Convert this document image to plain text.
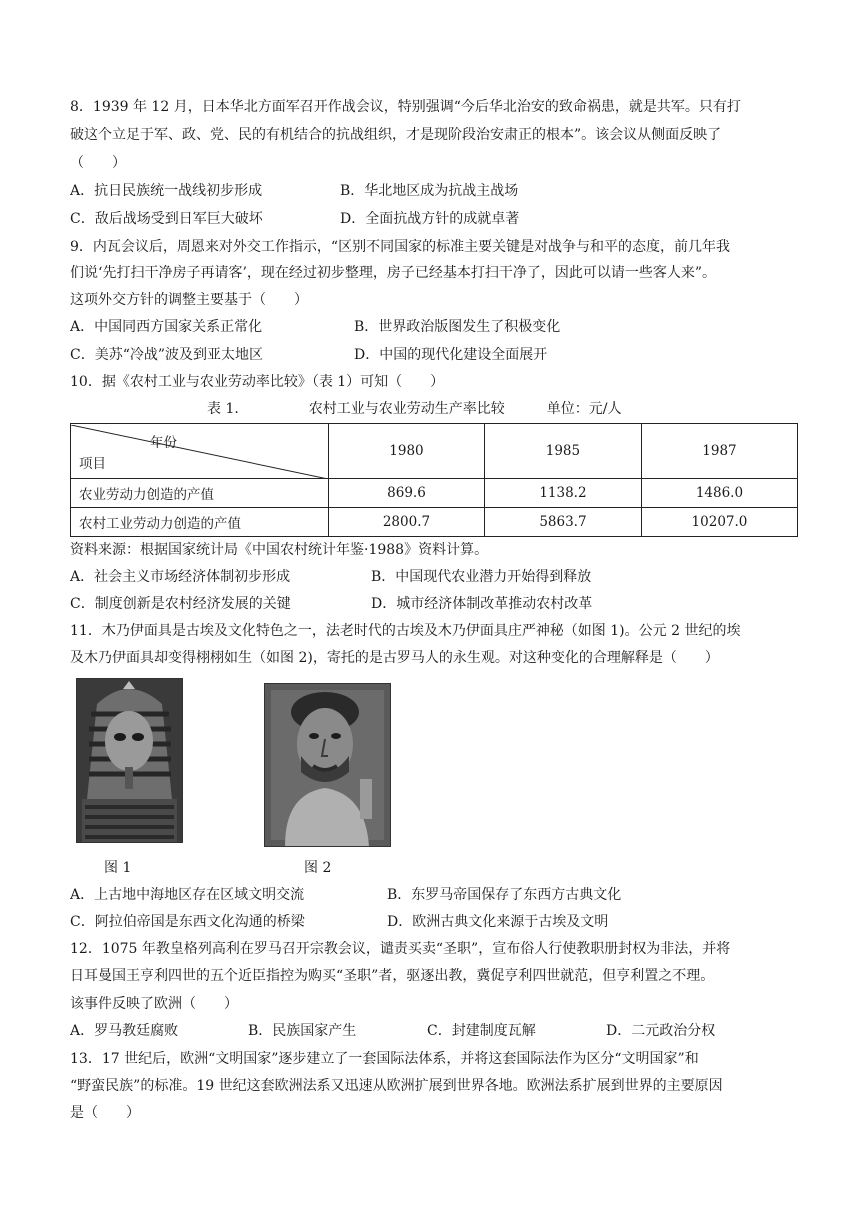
8．1939 年 12 月，日本华北方面军召开作战会议，特别强调“今后华北治安的致命祸患，就是共军。只有打
破这个立足于军、政、党、民的有机结合的抗战组织，才是现阶段治安肃正的根本”。该会议从侧面反映了
（　　）
A．抗日民族统一战线初步形成	B．华北地区成为抗战主战场
C．敌后战场受到日军巨大破坏	D．全面抗战方针的成就卓著
9．内瓦会议后，周恩来对外交工作指示，“区别不同国家的标准主要关键是对战争与和平的态度，前几年我
们说‘先打扫干净房子再请客’，现在经过初步整理，房子已经基本打扫干净了，因此可以请一些客人来”。
这项外交方针的调整主要基于（　　）
A．中国同西方国家关系正常化	B．世界政治版图发生了积极变化
C．美苏“冷战”波及到亚太地区	D．中国的现代化建设全面展开
10．据《农村工业与农业劳动率比较》（表 1）可知（　　）
表 1.　　　　　农村工业与农业劳动生产率比较　　　单位：元/人
年份
项目	1980	1985	1987
农业劳动力创造的产值	869.6	1138.2	1486.0
农村工业劳动力创造的产值	2800.7	5863.7	10207.0
资料来源：根据国家统计局《中国农村统计年鉴·1988》资料计算。
A．社会主义市场经济体制初步形成	B．中国现代农业潜力开始得到释放
C．制度创新是农村经济发展的关键	D．城市经济体制改革推动农村改革
11．木乃伊面具是古埃及文化特色之一，法老时代的古埃及木乃伊面具庄严神秘（如图 1)。公元 2 世纪的埃
及木乃伊面具却变得栩栩如生（如图 2)，寄托的是古罗马人的永生观。对这种变化的合理解释是（　　）
图 1	图 2
A．上古地中海地区存在区域文明交流	B．东罗马帝国保存了东西方古典文化
C．阿拉伯帝国是东西文化沟通的桥梁	D．欧洲古典文化来源于古埃及文明
12．1075 年教皇格列高利在罗马召开宗教会议，谴责买卖“圣职”，宣布俗人行使教职册封权为非法，并将
日耳曼国王亨利四世的五个近臣指控为购买“圣职”者，驱逐出教，冀促亨利四世就范，但亨利置之不理。
该事件反映了欧洲（　　）
A．罗马教廷腐败	B．民族国家产生	C．封建制度瓦解	D．二元政治分权
13．17 世纪后，欧洲“文明国家”逐步建立了一套国际法体系，并将这套国际法作为区分“文明国家”和
“野蛮民族”的标准。19 世纪这套欧洲法系又迅速从欧洲扩展到世界各地。欧洲法系扩展到世界的主要原因
是（　　）
